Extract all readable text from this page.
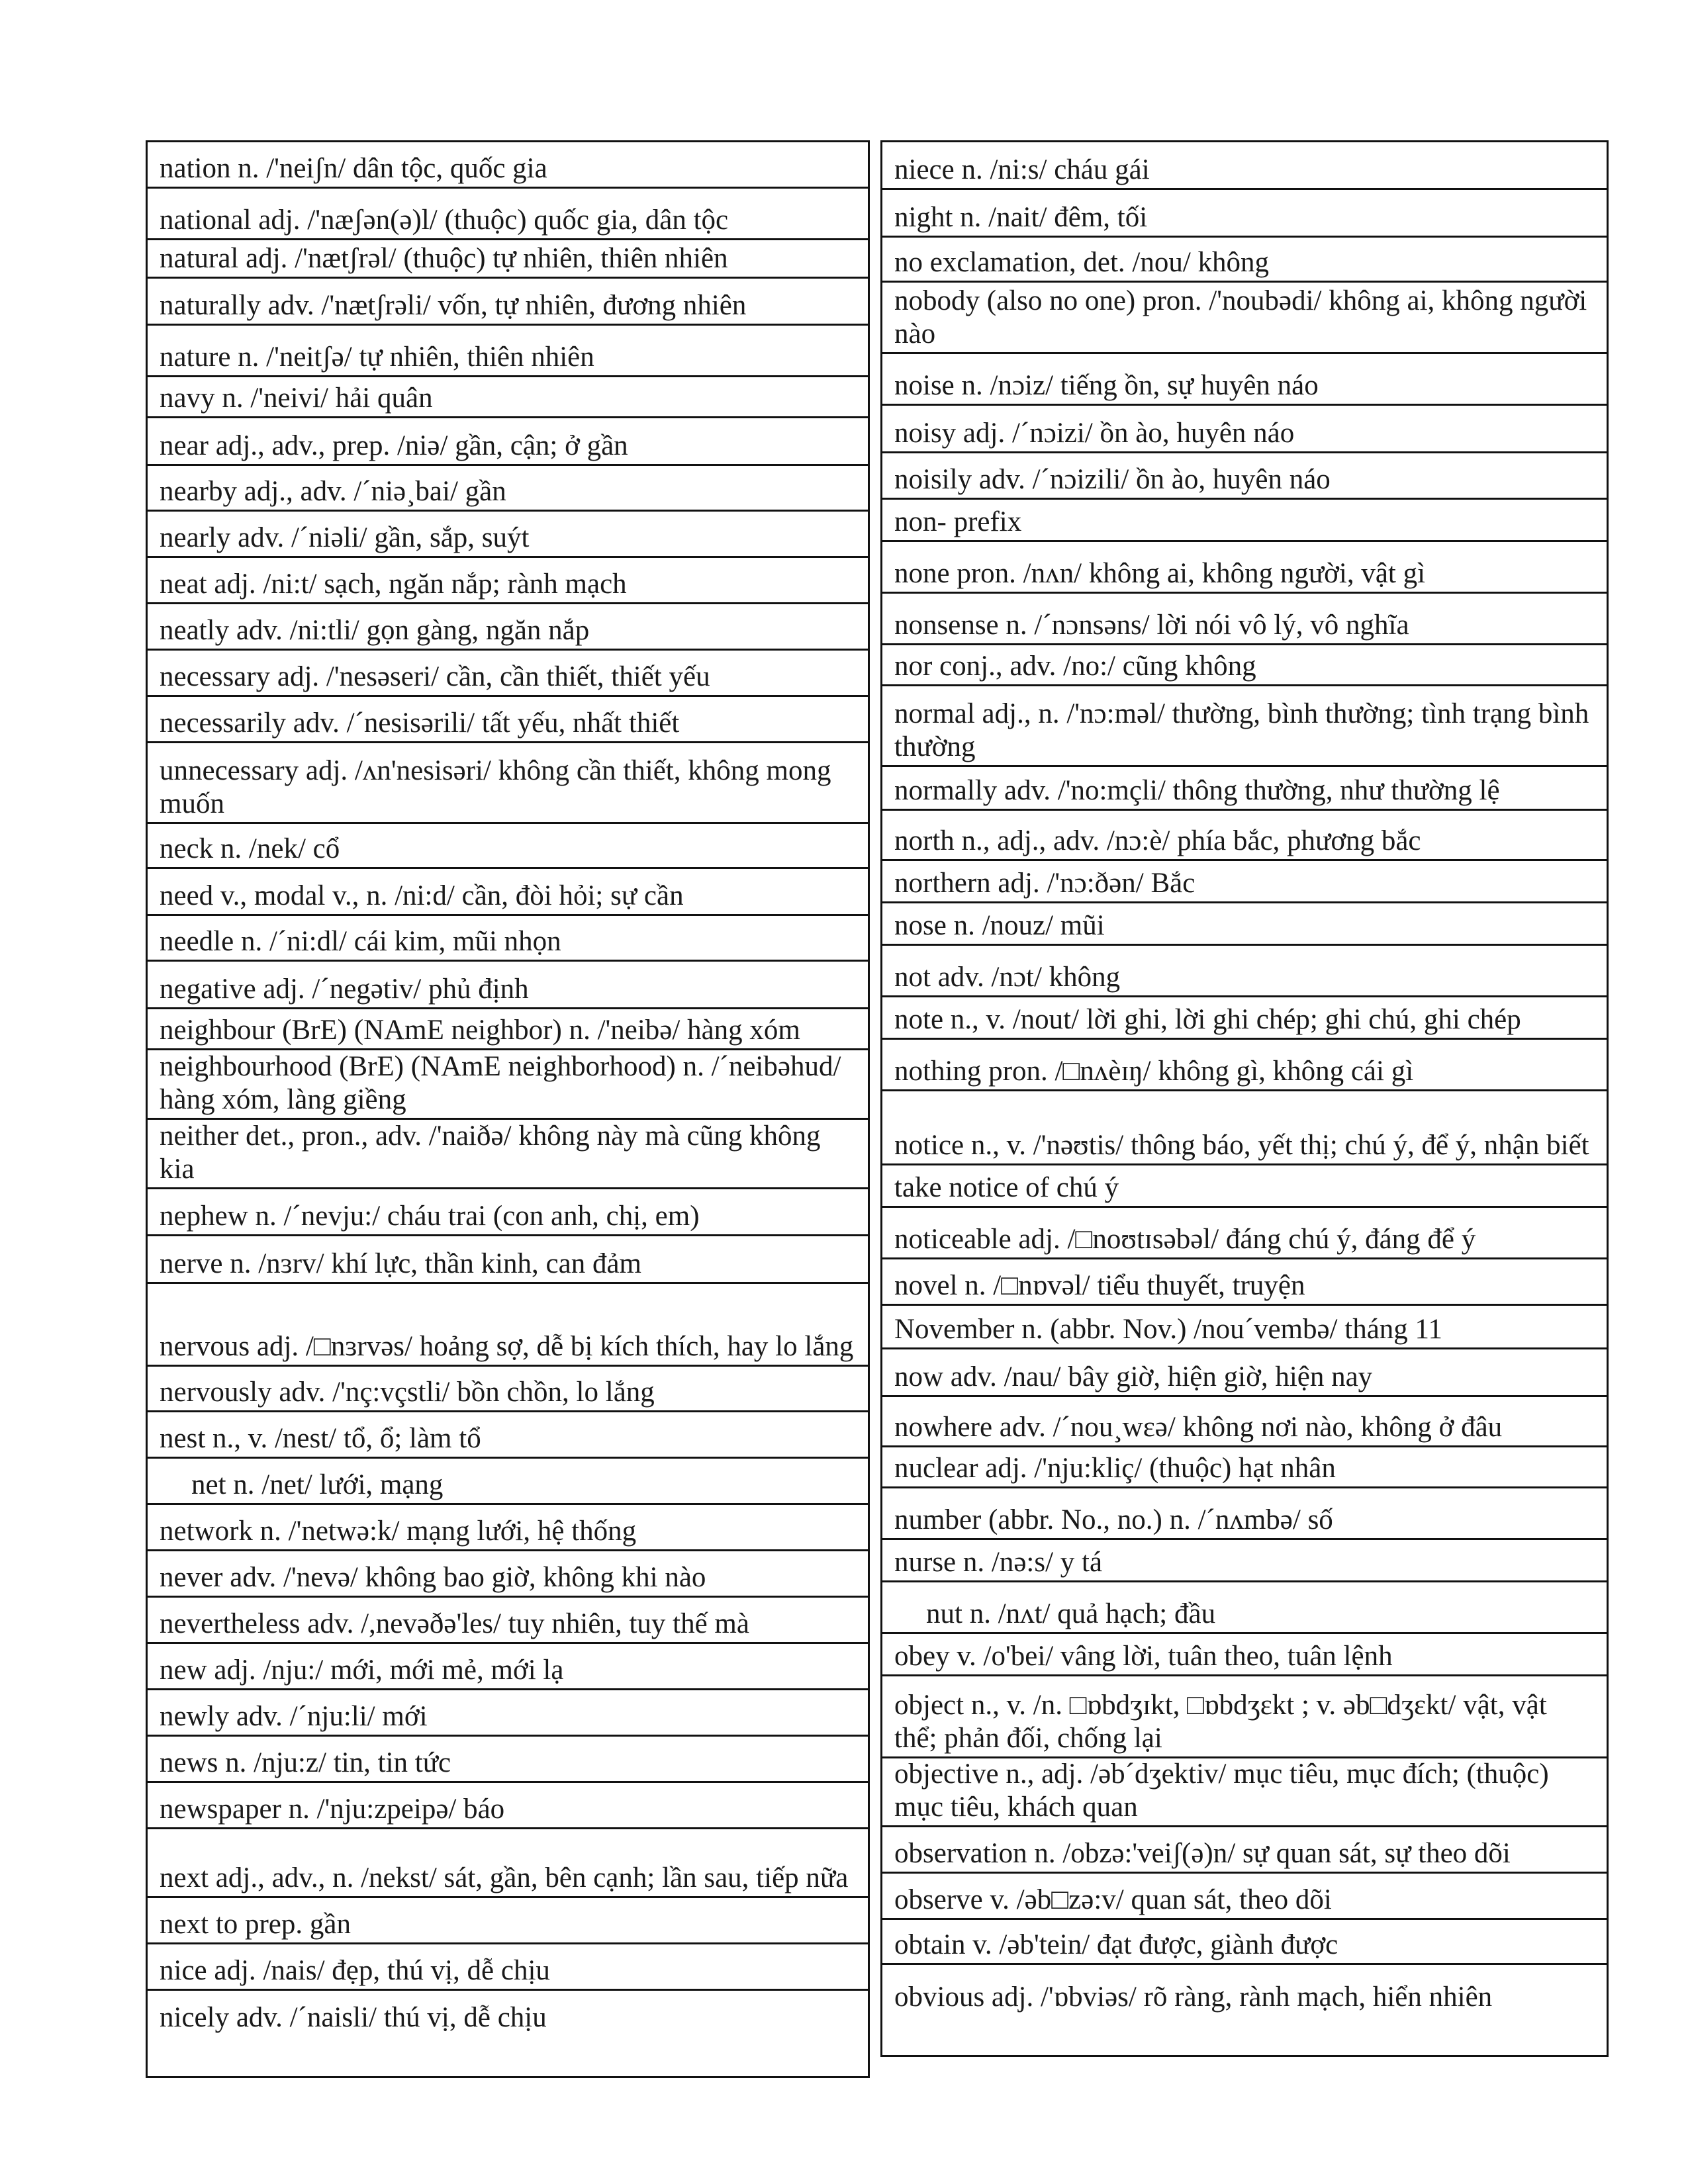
nation n. /'neiʃn/ dân tộc, quốc gia
national adj. /'næʃən(ə)l/ (thuộc) quốc gia, dân tộc
natural adj. /'nætʃrəl/ (thuộc) tự nhiên, thiên nhiên
naturally adv. /'nætʃrəli/ vốn, tự nhiên, đương nhiên
nature n. /'neitʃə/ tự nhiên, thiên nhiên
navy n. /'neivi/ hải quân
near adj., adv., prep. /niə/ gần, cận; ở gần
nearby adj., adv. /´niə¸bai/ gần
nearly adv. /´niəli/ gần, sắp, suýt
neat adj. /ni:t/ sạch, ngăn nắp; rành mạch
neatly adv. /ni:tli/ gọn gàng, ngăn nắp
necessary adj. /'nesəseri/ cần, cần thiết, thiết yếu
necessarily adv. /´nesisərili/ tất yếu, nhất thiết
unnecessary adj. /ʌn'nesisəri/ không cần thiết, không mong muốn
neck n. /nek/ cổ
need v., modal v., n. /ni:d/ cần, đòi hỏi; sự cần
needle n. /´ni:dl/ cái kim, mũi nhọn
negative adj. /´negətiv/ phủ định
neighbour (BrE) (NAmE neighbor) n. /'neibə/ hàng xóm
neighbourhood (BrE) (NAmE neighborhood) n. /´neibəhud/ hàng xóm, làng giềng
neither det., pron., adv. /'naiðə/ không này mà cũng không kia
nephew n. /´nevju:/ cháu trai (con anh, chị, em)
nerve n. /nɜrv/ khí lực, thần kinh, can đảm
nervous adj. /□nɜrvəs/ hoảng sợ, dễ bị kích thích, hay lo lắng
nervously adv. /'nç:vçstli/ bồn chồn, lo lắng
nest n., v. /nest/ tổ, ổ; làm tổ
net n. /net/ lưới, mạng
network n. /'netwə:k/ mạng lưới, hệ thống
never adv. /'nevə/ không bao giờ, không khi nào
nevertheless adv. /,nevəðə'les/ tuy nhiên, tuy thế mà
new adj. /nju:/ mới, mới mẻ, mới lạ
newly adv. /´nju:li/ mới
news n. /nju:z/ tin, tin tức
newspaper n. /'nju:zpeipə/ báo
next adj., adv., n. /nekst/ sát, gần, bên cạnh; lần sau, tiếp nữa
next to prep. gần
nice adj. /nais/ đẹp, thú vị, dễ chịu
nicely adv. /´naisli/ thú vị, dễ chịu
niece n. /ni:s/ cháu gái
night n. /nait/ đêm, tối
no exclamation, det. /nou/ không
nobody (also no one) pron. /'noubədi/ không ai, không người nào
noise n. /nɔiz/ tiếng ồn, sự huyên náo
noisy adj. /´nɔizi/ ồn ào, huyên náo
noisily adv. /´nɔizili/ ồn ào, huyên náo
non- prefix
none pron. /nʌn/ không ai, không người, vật gì
nonsense n. /´nɔnsəns/ lời nói vô lý, vô nghĩa
nor conj., adv. /no:/ cũng không
normal adj., n. /'nɔ:məl/ thường, bình thường; tình trạng bình thường
normally adv. /'no:mçli/ thông thường, như thường lệ
north n., adj., adv. /nɔ:è/ phía bắc, phương bắc
northern adj. /'nɔ:ðən/ Bắc
nose n. /nouz/ mũi
not adv. /nɔt/ không
note n., v. /nout/ lời ghi, lời ghi chép; ghi chú, ghi chép
nothing pron. /□nʌèɪŋ/ không gì, không cái gì
notice n., v. /'nəʊtis/ thông báo, yết thị; chú ý, để ý, nhận biết
take notice of chú ý
noticeable adj. /□noʊtɪsəbəl/ đáng chú ý, đáng để ý
novel n. /□nɒvəl/ tiểu thuyết, truyện
November n. (abbr. Nov.) /nou´vembə/ tháng 11
now adv. /nau/ bây giờ, hiện giờ, hiện nay
nowhere adv. /´nou¸wɛə/ không nơi nào, không ở đâu
nuclear adj. /'nju:kliç/ (thuộc) hạt nhân
number (abbr. No., no.) n. /´nʌmbə/ số
nurse n. /nə:s/ y tá
nut n. /nʌt/ quả hạch; đầu
obey v. /o'bei/ vâng lời, tuân theo, tuân lệnh
object n., v. /n. □ɒbdʒɪkt, □ɒbdʒɛkt ; v. əb□dʒɛkt/ vật, vật thể; phản đối, chống lại
objective n., adj. /əb´dʒektiv/ mục tiêu, mục đích; (thuộc) mục tiêu, khách quan
observation n. /obzə:'veiʃ(ə)n/ sự quan sát, sự theo dõi
observe v. /əb□zə:v/ quan sát, theo dõi
obtain v. /əb'tein/ đạt được, giành được
obvious adj. /'ɒbviəs/ rõ ràng, rành mạch, hiển nhiên
